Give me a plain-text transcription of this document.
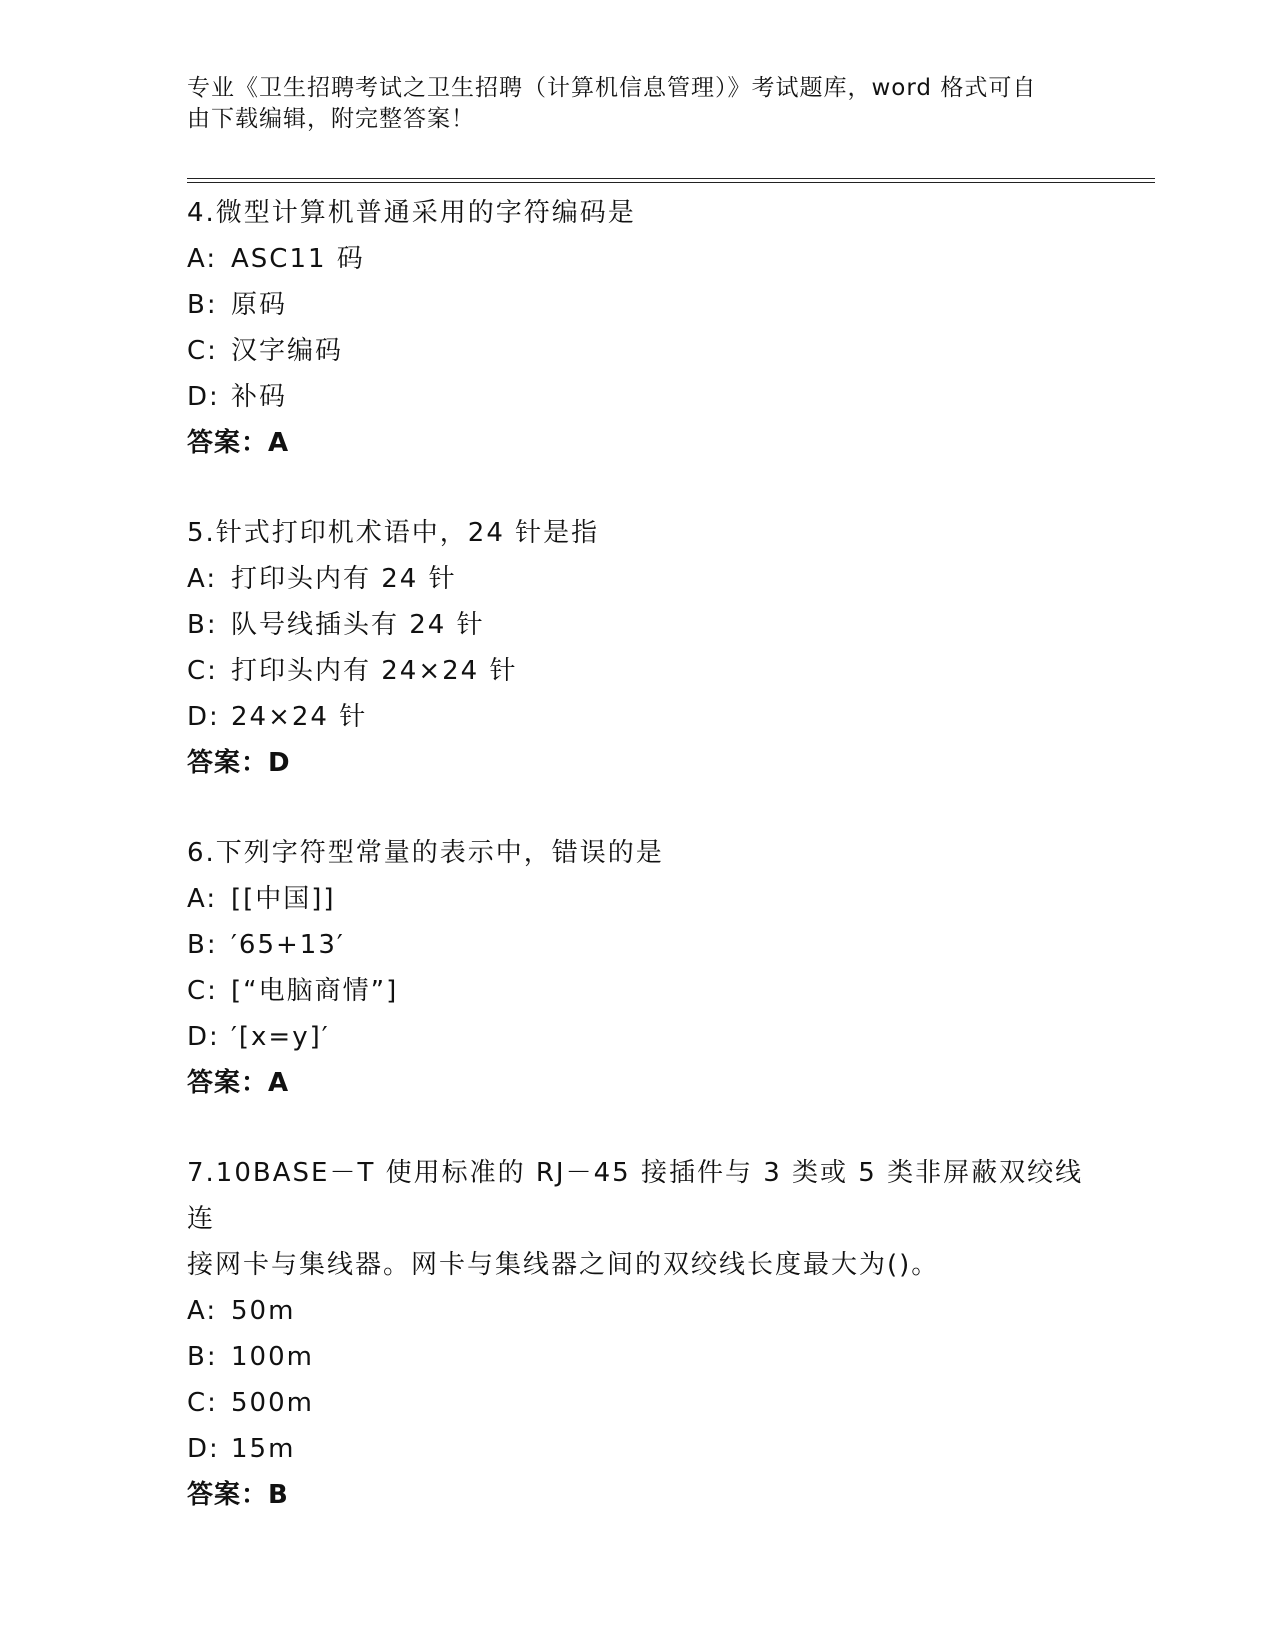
专业《卫生招聘考试之卫生招聘（计算机信息管理）》考试题库，word 格式可自
由下载编辑，附完整答案！

4.微型计算机普通采用的字符编码是

A: ASC11 码
B: 原码
C: 汉字编码
D: 补码

答案：A

5.针式打印机术语中，24 针是指

A: 打印头内有 24 针
B: 队号线插头有 24 针
C: 打印头内有 24×24 针
D: 24×24 针

答案：D

6.下列字符型常量的表示中，错误的是

A: [[中国]]
B: ′65+13′
C: [“电脑商情”]
D: ′[x=y]′

答案：A

7.10BASE－T 使用标准的 RJ－45 接插件与 3 类或 5 类非屏蔽双绞线连

接网卡与集线器。网卡与集线器之间的双绞线长度最大为()。

A: 50m
B: 100m
C: 500m
D: 15m

答案：B
